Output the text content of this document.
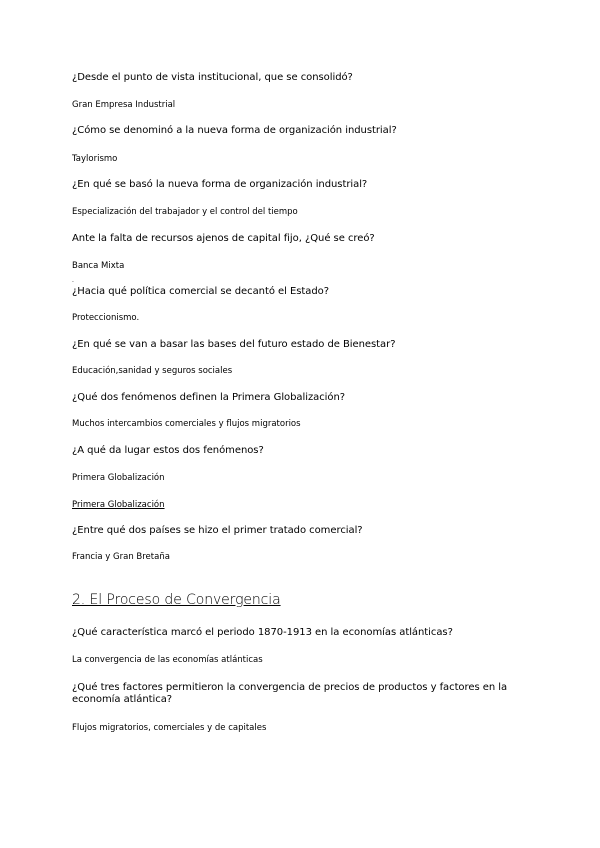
¿Desde el punto de vista institucional, que se consolidó?
Gran Empresa Industrial
¿Cómo se denominó a la nueva forma de organización industrial?
Taylorismo
¿En qué se basó la nueva forma de organización industrial?
Especialización del trabajador y el control del tiempo
Ante la falta de recursos ajenos de capital fijo, ¿Qué se creó?
Banca Mixta
.
¿Hacia qué política comercial se decantó el Estado?
Proteccionismo.
¿En qué se van a basar las bases del futuro estado de Bienestar?
Educación,sanidad y seguros sociales
¿Qué dos fenómenos definen la Primera Globalización?
Muchos intercambios comerciales y flujos migratorios
¿A qué da lugar estos dos fenómenos?
Primera Globalización
Primera Globalización
¿Entre qué dos países se hizo el primer tratado comercial?
Francia y Gran Bretaña
2. El Proceso de Convergencia
¿Qué característica marcó el periodo 1870-1913 en la economías atlánticas?
La convergencia de las economías atlánticas
¿Qué tres factores permitieron la convergencia de precios de productos y factores en la economía atlántica?
Flujos migratorios, comerciales y de capitales
